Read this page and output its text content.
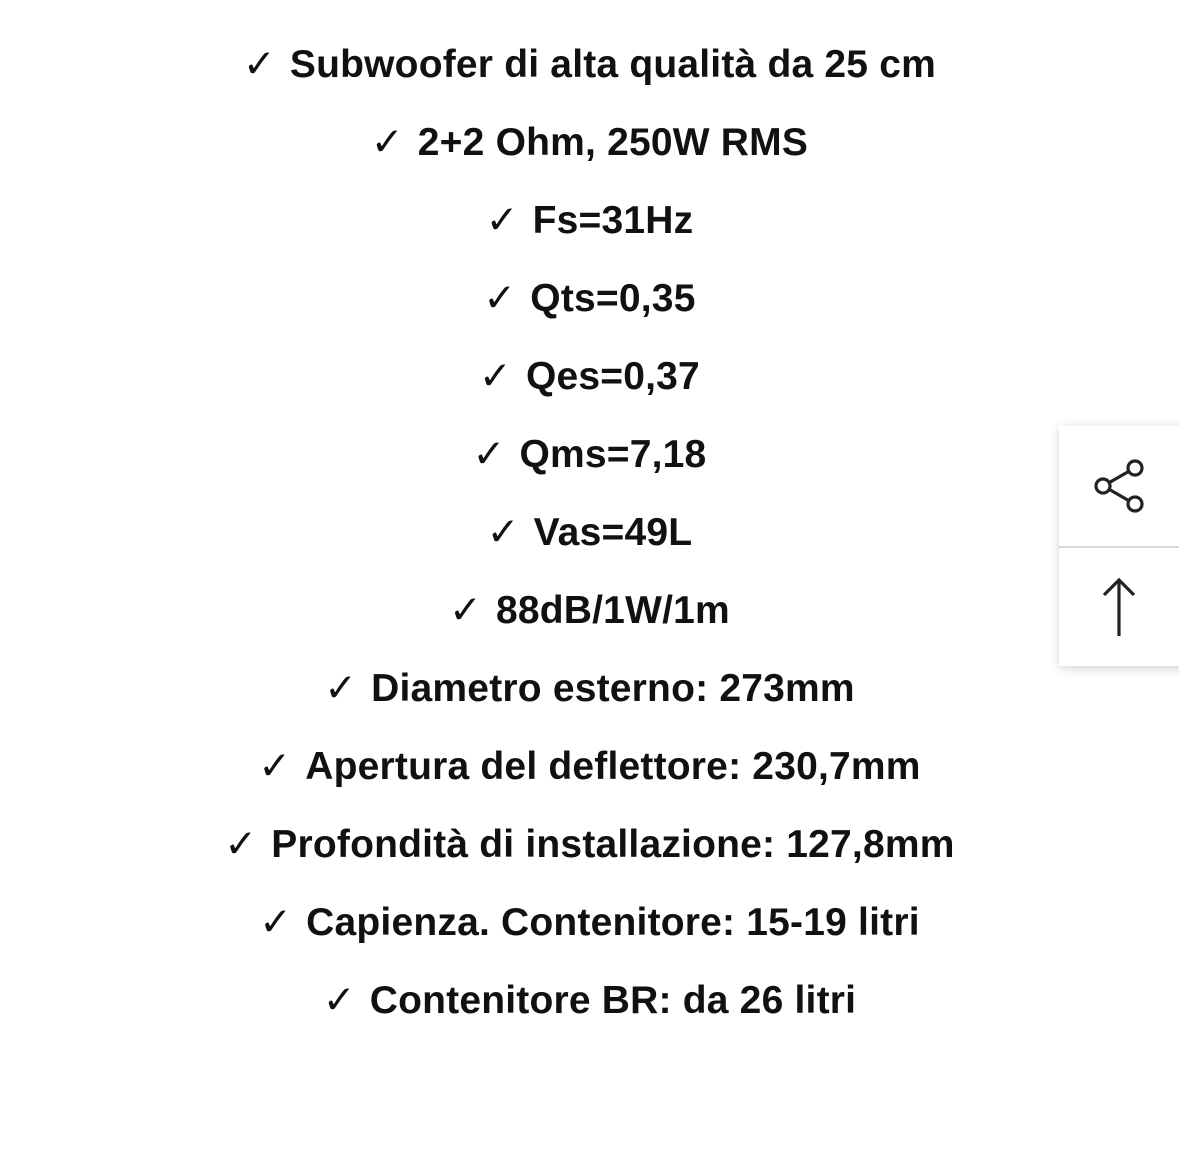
✓ Subwoofer di alta qualità da 25 cm
✓ 2+2 Ohm, 250W RMS
✓ Fs=31Hz
✓ Qts=0,35
✓ Qes=0,37
✓ Qms=7,18
✓ Vas=49L
✓ 88dB/1W/1m
✓ Diametro esterno: 273mm
✓ Apertura del deflettore: 230,7mm
✓ Profondità di installazione: 127,8mm
✓ Capienza. Contenitore: 15-19 litri
✓ Contenitore BR: da 26 litri
